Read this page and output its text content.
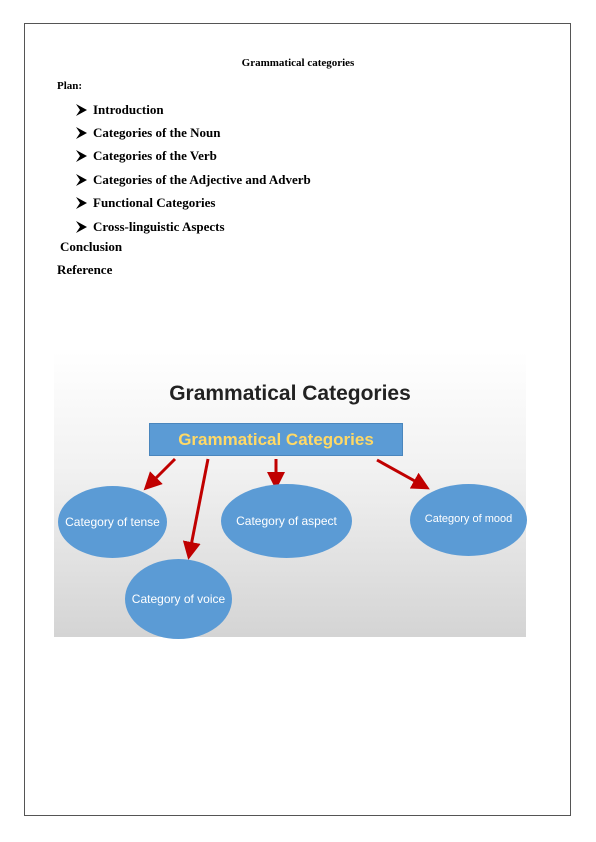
Grammatical categories
Plan:
Introduction
Categories of the Noun
Categories of the Verb
Categories of the Adjective and Adverb
Functional Categories
Cross-linguistic Aspects
Conclusion
Reference
Grammatical Categories
Grammatical Categories
Category of tense	Category of aspect	Category of mood
Category of voice
